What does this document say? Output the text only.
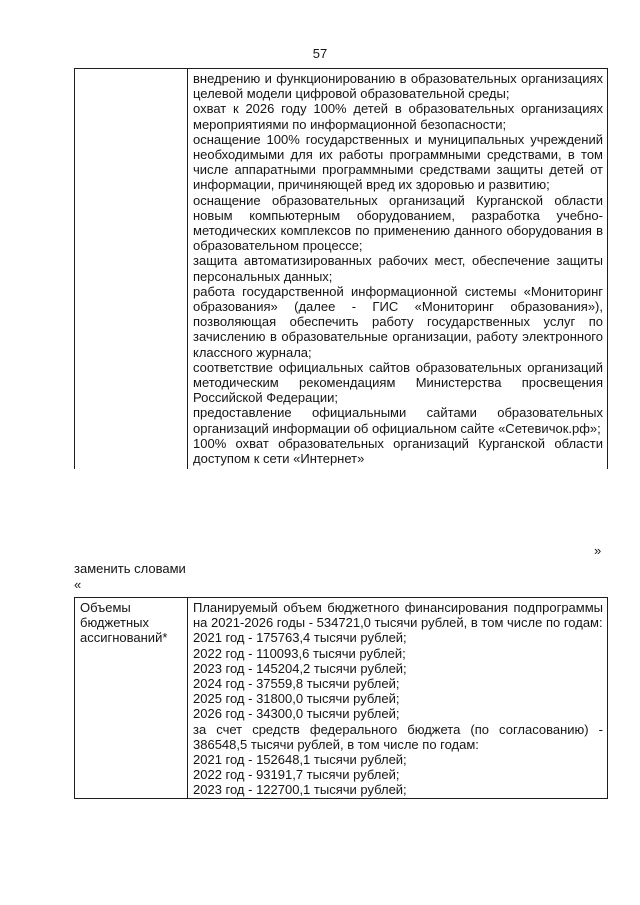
57

внедрению и функционированию в образовательных организациях целевой модели цифровой образовательной среды;

охват к 2026 году 100% детей в образовательных организациях мероприятиями по информационной безопасности;

оснащение 100% государственных и муниципальных учреждений необходимыми для их работы программными средствами, в том числе аппаратными программными средствами защиты детей от информации, причиняющей вред их здоровью и развитию;

оснащение образовательных организаций Курганской области новым компьютерным оборудованием, разработка учебно-методических комплексов по применению данного оборудования в образовательном процессе;

защита автоматизированных рабочих мест, обеспечение защиты персональных данных;

работа государственной информационной системы «Мониторинг образования» (далее - ГИС «Мониторинг образования»), позволяющая обеспечить работу государственных услуг по зачислению в образовательные организации, работу электронного классного журнала;

соответствие официальных сайтов образовательных организаций методическим рекомендациям Министерства просвещения Российской Федерации;

предоставление официальными сайтами образовательных организаций информации об официальном сайте «Сетевичок.рф»;

100% охват образовательных организаций Курганской области доступом к сети «Интернет»

»
заменить словами
«
Объемы бюджетных ассигнований*	

Планируемый объем бюджетного финансирования подпрограммы на 2021-2026 годы - 534721,0 тысячи рублей, в том числе по годам:

2021 год - 175763,4 тысячи рублей;

2022 год - 110093,6 тысячи рублей;

2023 год - 145204,2 тысячи рублей;

2024 год - 37559,8 тысячи рублей;

2025 год - 31800,0 тысячи рублей;

2026 год - 34300,0 тысячи рублей;

за счет средств федерального бюджета (по согласованию) - 386548,5 тысячи рублей, в том числе по годам:

2021 год - 152648,1 тысячи рублей;

2022 год - 93191,7 тысячи рублей;

2023 год - 122700,1 тысячи рублей;
